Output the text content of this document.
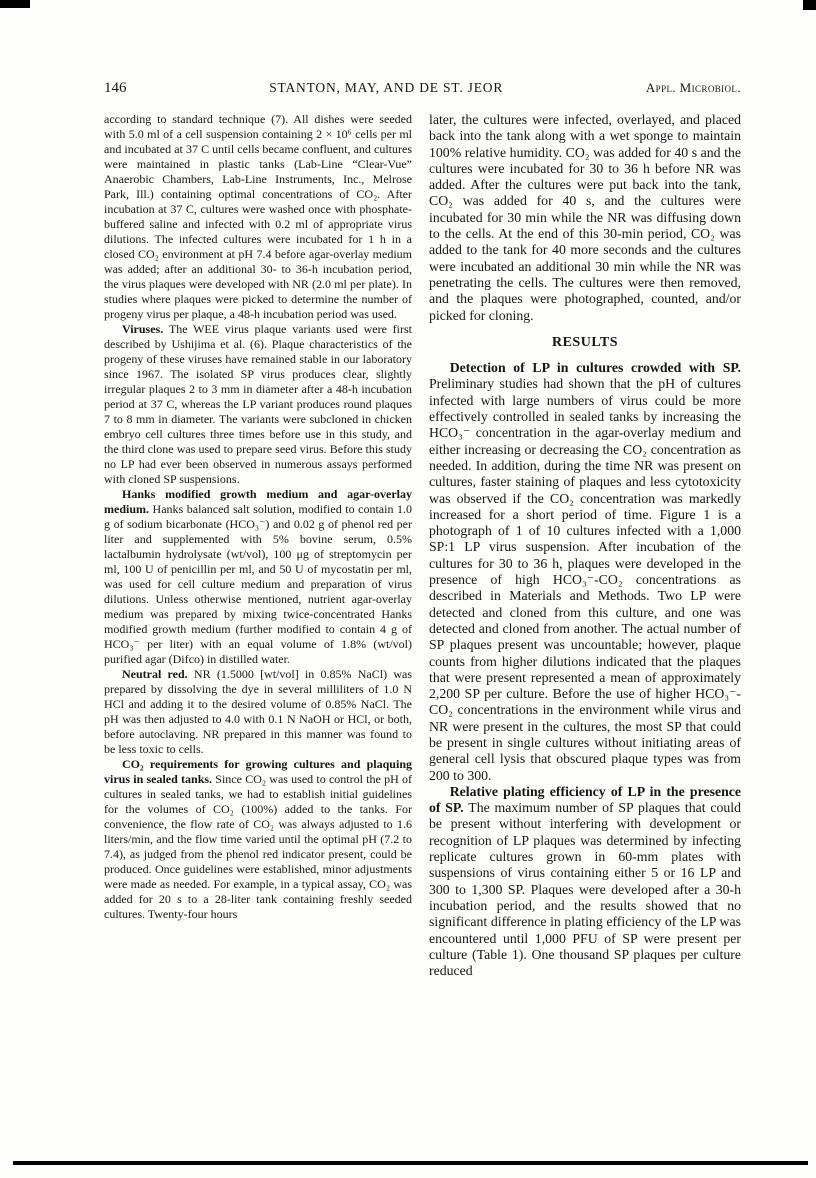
146	STANTON, MAY, AND DE ST. JEOR	Appl. Microbiol.

according to standard technique (7). All dishes were seeded with 5.0 ml of a cell suspension containing 2 × 10⁶ cells per ml and incubated at 37 C until cells became confluent, and cultures were maintained in plastic tanks (Lab-Line “Clear-Vue” Anaerobic Chambers, Lab-Line Instruments, Inc., Melrose Park, Ill.) containing optimal concentrations of CO₂. After incubation at 37 C, cultures were washed once with phosphate-buffered saline and infected with 0.2 ml of appropriate virus dilutions. The infected cultures were incubated for 1 h in a closed CO₂ environment at pH 7.4 before agar-overlay medium was added; after an additional 30- to 36-h incubation period, the virus plaques were developed with NR (2.0 ml per plate). In studies where plaques were picked to determine the number of progeny virus per plaque, a 48-h incubation period was used.

Viruses. The WEE virus plaque variants used were first described by Ushijima et al. (6). Plaque characteristics of the progeny of these viruses have remained stable in our laboratory since 1967. The isolated SP virus produces clear, slightly irregular plaques 2 to 3 mm in diameter after a 48-h incubation period at 37 C, whereas the LP variant produces round plaques 7 to 8 mm in diameter. The variants were subcloned in chicken embryo cell cultures three times before use in this study, and the third clone was used to prepare seed virus. Before this study no LP had ever been observed in numerous assays performed with cloned SP suspensions.

Hanks modified growth medium and agar-overlay medium. Hanks balanced salt solution, modified to contain 1.0 g of sodium bicarbonate (HCO₃⁻) and 0.02 g of phenol red per liter and supplemented with 5% bovine serum, 0.5% lactalbumin hydrolysate (wt/vol), 100 μg of streptomycin per ml, 100 U of penicillin per ml, and 50 U of mycostatin per ml, was used for cell culture medium and preparation of virus dilutions. Unless otherwise mentioned, nutrient agar-overlay medium was prepared by mixing twice-concentrated Hanks modified growth medium (further modified to contain 4 g of HCO₃⁻ per liter) with an equal volume of 1.8% (wt/vol) purified agar (Difco) in distilled water.

Neutral red. NR (1.5000 [wt/vol] in 0.85% NaCl) was prepared by dissolving the dye in several milliliters of 1.0 N HCl and adding it to the desired volume of 0.85% NaCl. The pH was then adjusted to 4.0 with 0.1 N NaOH or HCl, or both, before autoclaving. NR prepared in this manner was found to be less toxic to cells.

CO₂ requirements for growing cultures and plaquing virus in sealed tanks. Since CO₂ was used to control the pH of cultures in sealed tanks, we had to establish initial guidelines for the volumes of CO₂ (100%) added to the tanks. For convenience, the flow rate of CO₂ was always adjusted to 1.6 liters/min, and the flow time varied until the optimal pH (7.2 to 7.4), as judged from the phenol red indicator present, could be produced. Once guidelines were established, minor adjustments were made as needed. For example, in a typical assay, CO₂ was added for 20 s to a 28-liter tank containing freshly seeded cultures. Twenty-four hours

later, the cultures were infected, overlayed, and placed back into the tank along with a wet sponge to maintain 100% relative humidity. CO₂ was added for 40 s and the cultures were incubated for 30 to 36 h before NR was added. After the cultures were put back into the tank, CO₂ was added for 40 s, and the cultures were incubated for 30 min while the NR was diffusing down to the cells. At the end of this 30-min period, CO₂ was added to the tank for 40 more seconds and the cultures were incubated an additional 30 min while the NR was penetrating the cells. The cultures were then removed, and the plaques were photographed, counted, and/or picked for cloning.

RESULTS

Detection of LP in cultures crowded with SP. Preliminary studies had shown that the pH of cultures infected with large numbers of virus could be more effectively controlled in sealed tanks by increasing the HCO₃⁻ concentration in the agar-overlay medium and either increasing or decreasing the CO₂ concentration as needed. In addition, during the time NR was present on cultures, faster staining of plaques and less cytotoxicity was observed if the CO₂ concentration was markedly increased for a short period of time. Figure 1 is a photograph of 1 of 10 cultures infected with a 1,000 SP:1 LP virus suspension. After incubation of the cultures for 30 to 36 h, plaques were developed in the presence of high HCO₃⁻-CO₂ concentrations as described in Materials and Methods. Two LP were detected and cloned from this culture, and one was detected and cloned from another. The actual number of SP plaques present was uncountable; however, plaque counts from higher dilutions indicated that the plaques that were present represented a mean of approximately 2,200 SP per culture. Before the use of higher HCO₃⁻-CO₂ concentrations in the environment while virus and NR were present in the cultures, the most SP that could be present in single cultures without initiating areas of general cell lysis that obscured plaque types was from 200 to 300.

Relative plating efficiency of LP in the presence of SP. The maximum number of SP plaques that could be present without interfering with development or recognition of LP plaques was determined by infecting replicate cultures grown in 60-mm plates with suspensions of virus containing either 5 or 16 LP and 300 to 1,300 SP. Plaques were developed after a 30-h incubation period, and the results showed that no significant difference in plating efficiency of the LP was encountered until 1,000 PFU of SP were present per culture (Table 1). One thousand SP plaques per culture reduced
